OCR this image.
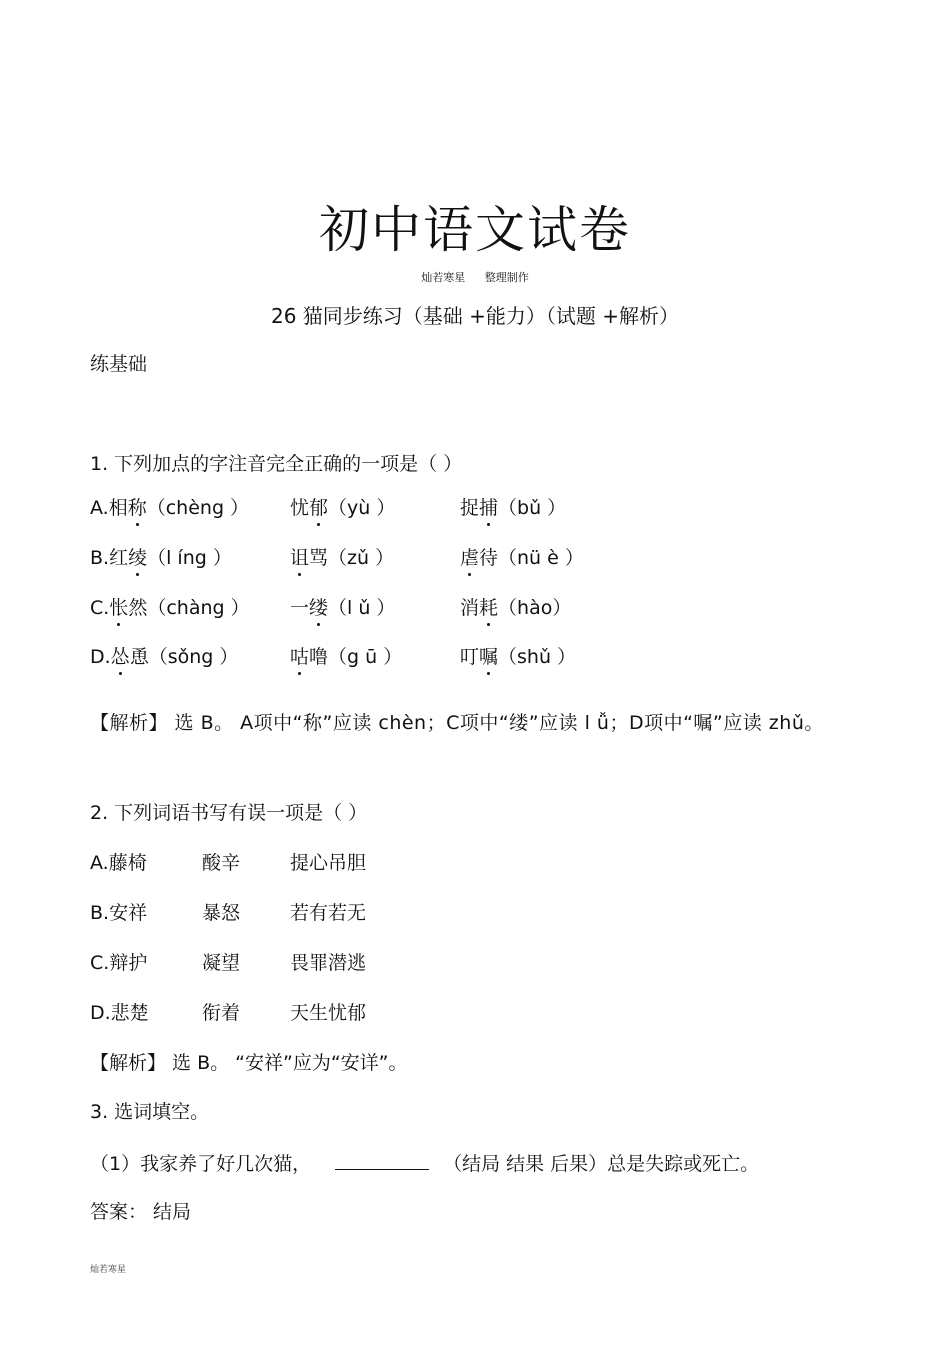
初中语文试卷
灿若寒星 整理制作
26 猫同步练习（基础 +能力）（试题 +解析）
练基础
1. 下列加点的字注音完全正确的一项是（ ）
A.相称（chèng ） 忧郁（yù ）	捉捕（bǔ ）
B.红绫（l íng ）	诅骂（zǔ ）	虐待（nü è ）
C.怅然（chàng ） 一缕（l ǔ ）	消耗（hào）
D.怂恿（sǒng ）	咕噜（g ū ）	叮嘱（shǔ ）
【解析】 选 B。 A项中“称”应读 chèn；C项中“缕”应读 l ǚ；D项中“嘱”应读 zhǔ。
2. 下列词语书写有误一项是（ ）
A.藤椅	酸辛	提心吊胆
B.安祥	暴怒	若有若无
C.辩护	凝望	畏罪潜逃
D.悲楚	衔着	天生忧郁
【解析】 选 B。 “安祥”应为“安详”。
3. 选词填空。
（1）我家养了好几次猫，	（结局 结果 后果）总是失踪或死亡。
答案： 结局
灿若寒星
